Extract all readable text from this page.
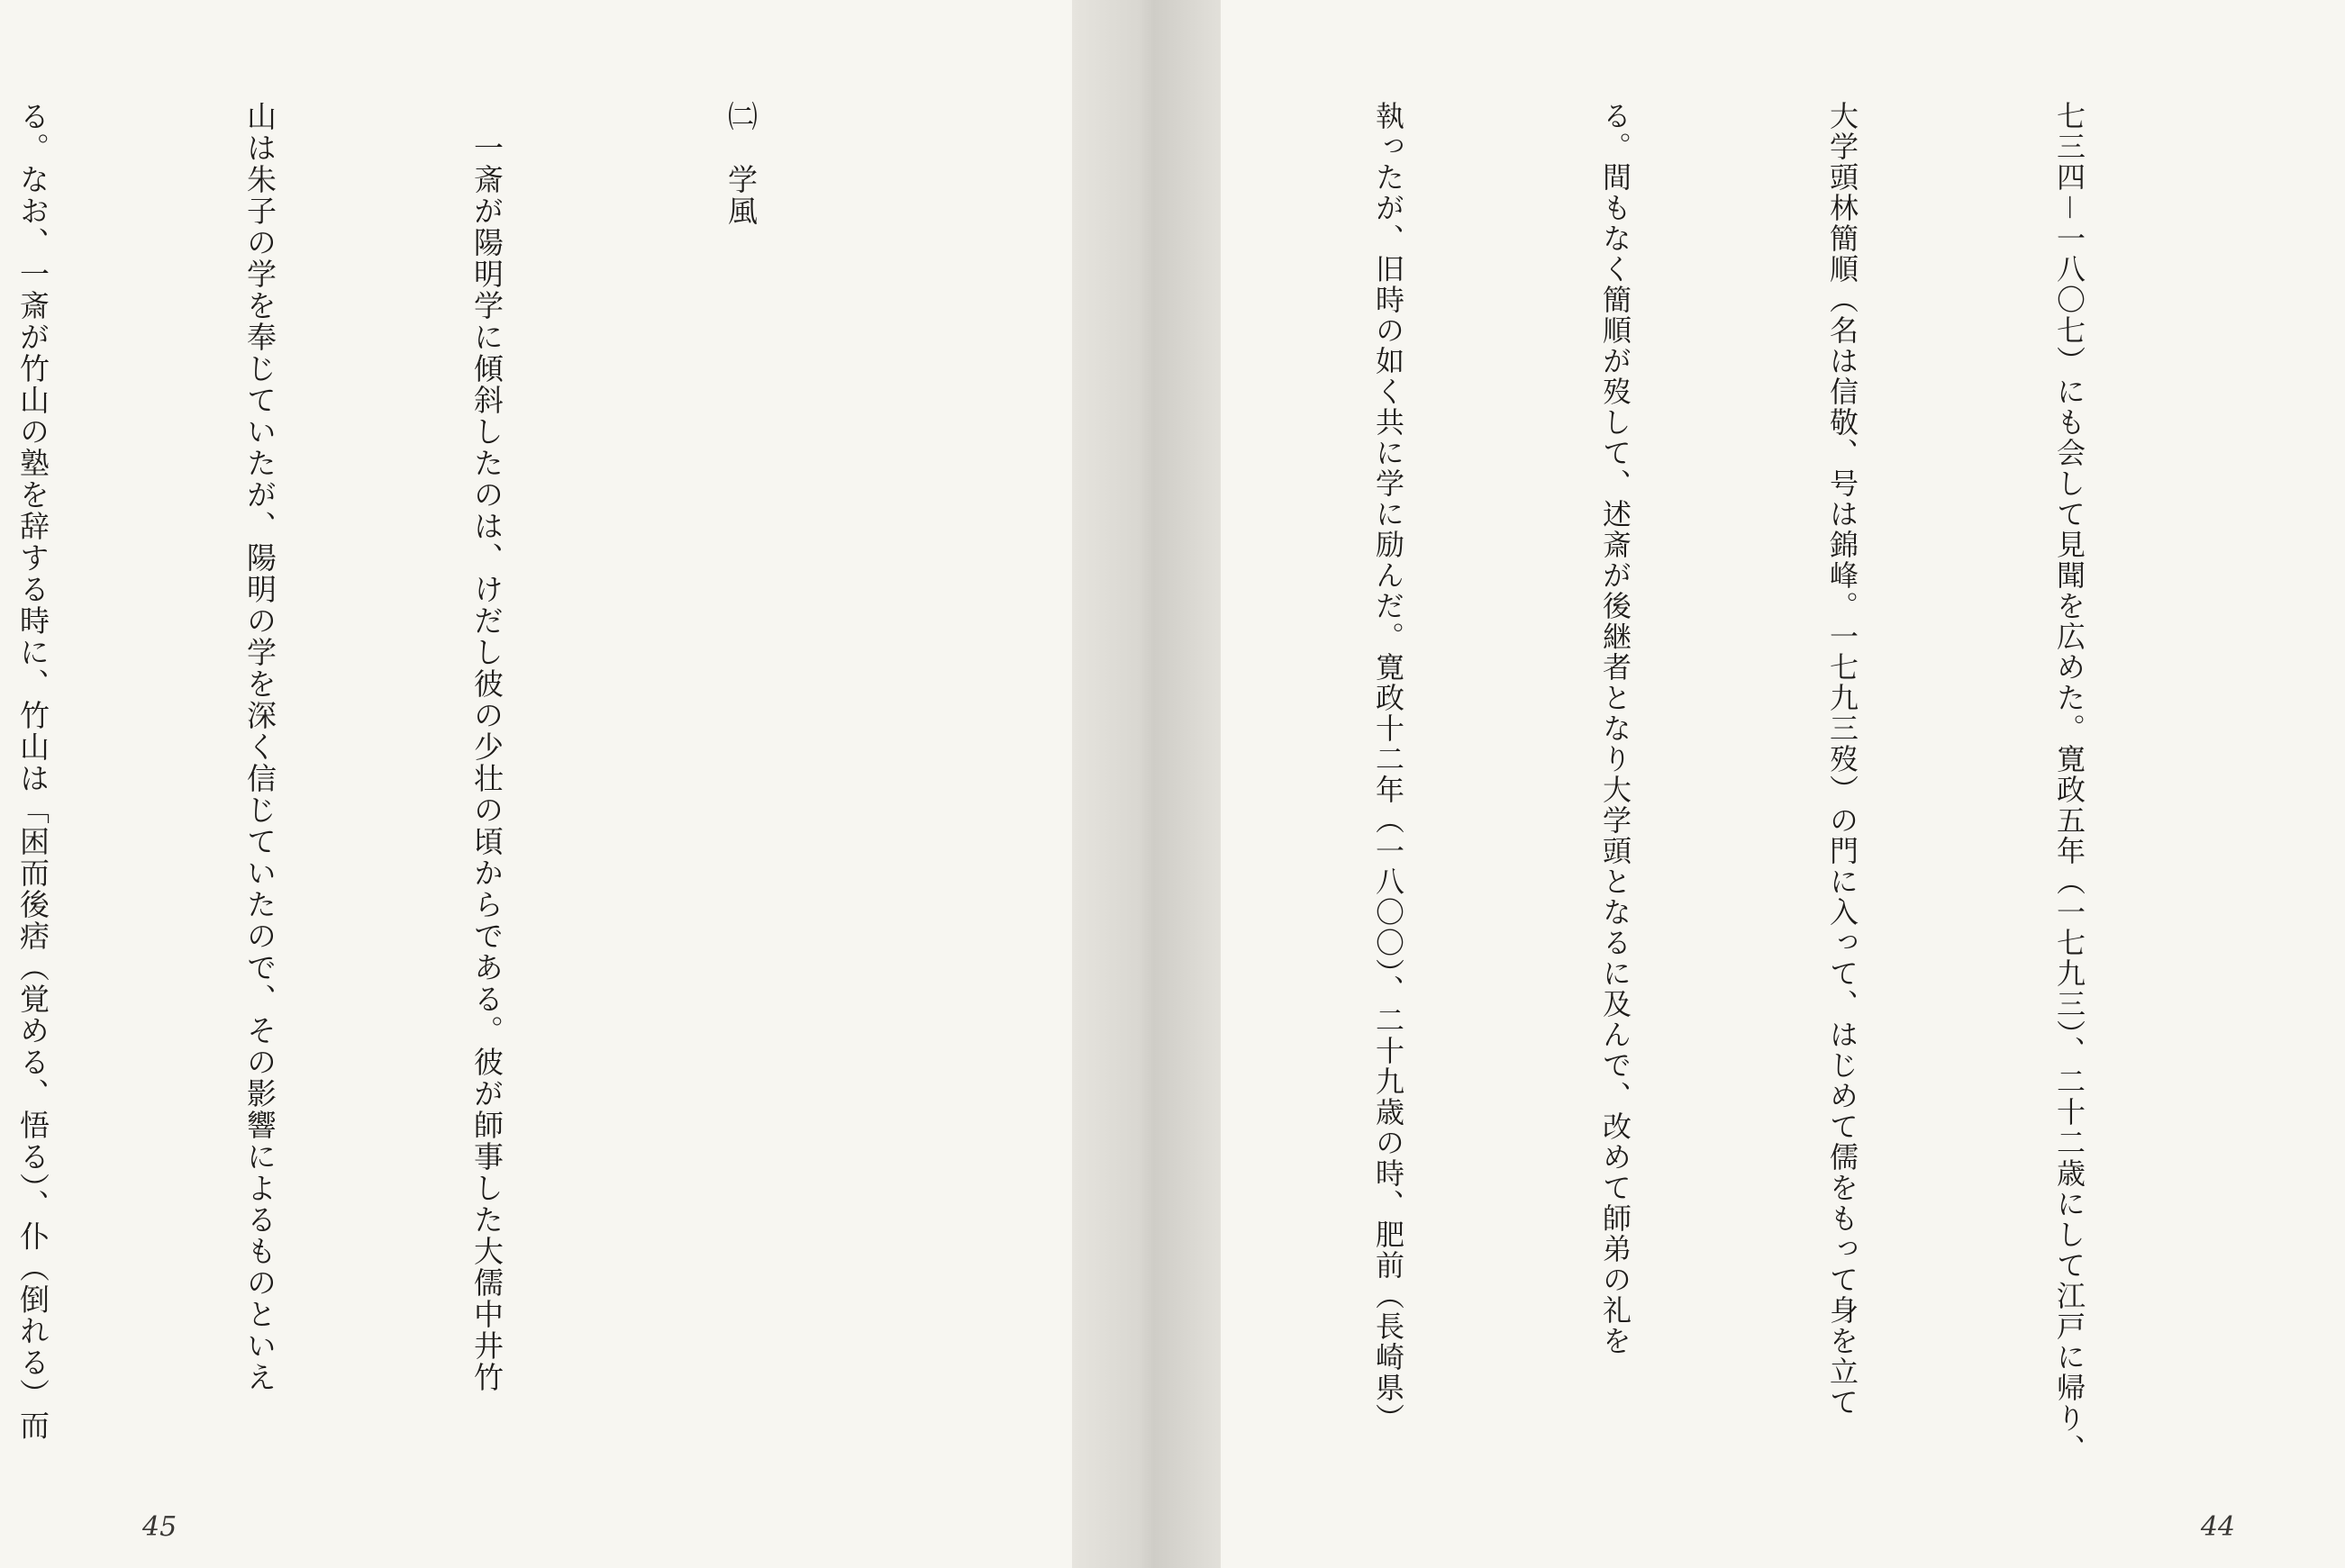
㈡　学風

　一斎が陽明学に傾斜したのは、けだし彼の少壮の頃からである。彼が師事した大儒中井竹

山は朱子の学を奉じていたが、陽明の学を深く信じていたので、その影響によるものといえ

る。なお、一斎が竹山の塾を辞する時に、竹山は「困而後痞（覚める、悟る）、仆（倒れる）而

45

七三四－一八〇七）にも会して見聞を広めた。寛政五年（一七九三）、二十二歳にして江戸に帰り、

大学頭林簡順（名は信敬、号は錦峰。一七九三歿）の門に入って、はじめて儒をもって身を立て

る。間もなく簡順が歿して、述斎が後継者となり大学頭となるに及んで、改めて師弟の礼を

執ったが、旧時の如く共に学に励んだ。寛政十二年（一八〇〇）、二十九歳の時、肥前（長崎県）

44
